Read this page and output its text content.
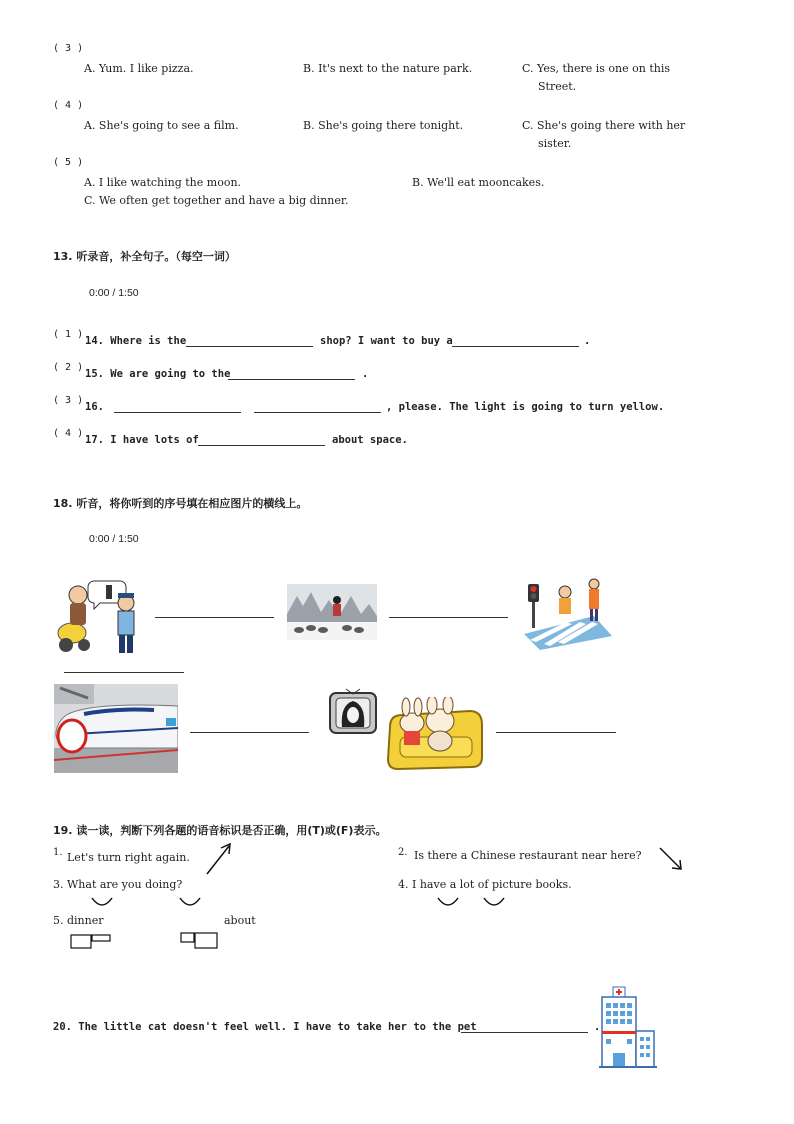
( 3 )
A. Yum. I like pizza.	B. It's next to the nature park.	C. Yes, there is one on this
Street.
( 4 )
A. She's going to see a film.	B. She's going there tonight.	C. She's going there with her
sister.
( 5 )
A. I like watching the moon.	B. We'll eat mooncakes.
C. We often get together and have a big dinner.
13. 听录音，补全句子。（每空一词）
0:00 / 1:50
( 1 )
14. Where is the	shop? I want to buy a	.
( 2 )
15. We are going to the	.
( 3 )
16.	, please. The light is going to turn yellow.
( 4 )
17. I have lots of	about space.
18. 听音，将你听到的序号填在相应图片的横线上。
0:00 / 1:50
19. 读一读，判断下列各题的语音标识是否正确，用(T)或(F)表示。
1. Let's turn right again.	2. Is there a Chinese restaurant near here?
3. What are you doing?	4. I have a lot of picture books.
5. dinner	about
20. The little cat doesn't feel well. I have to take her to the pet	.
